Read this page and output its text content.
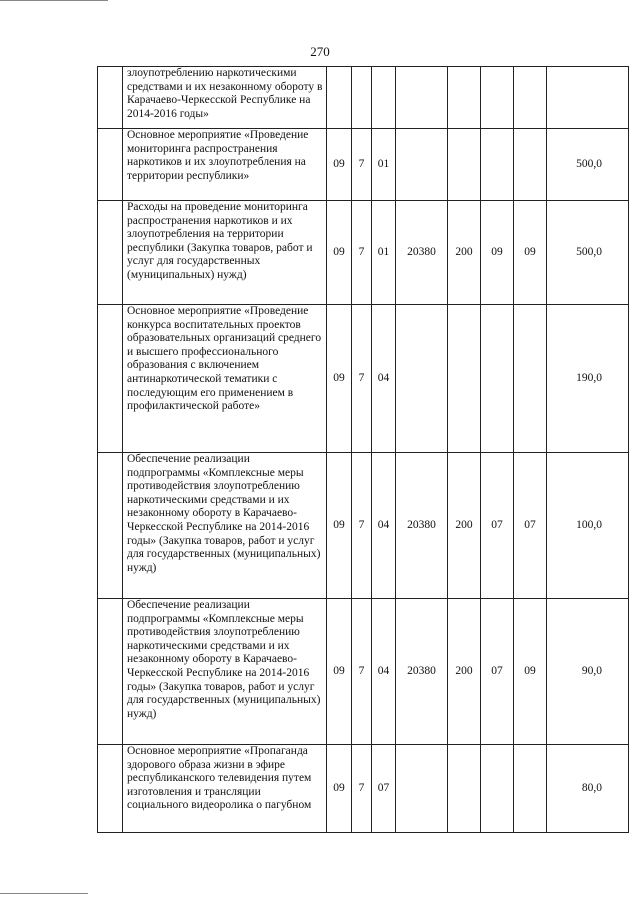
270
	злоупотреблению наркотическими средствами и их незаконному обороту в Карачаево-Черкесской Республике на 2014-2016 годы»								
	Основное мероприятие «Проведение мониторинга распространения наркотиков и их злоупотребления на территории республики»	09	7	01					500,0
	Расходы на проведение мониторинга распространения наркотиков и их злоупотребления на территории республики (Закупка товаров, работ и услуг для государственных (муниципальных) нужд)	09	7	01	20380	200	09	09	500,0
	Основное мероприятие «Проведение конкурса воспитательных проектов образовательных организаций среднего и высшего профессионального образования с включением антинаркотической тематики с последующим его применением в профилактической работе»	09	7	04					190,0
	Обеспечение реализации подпрограммы «Комплексные меры противодействия злоупотреблению наркотическими средствами и их незаконному обороту в Карачаево-Черкесской Республике на 2014-2016 годы» (Закупка товаров, работ и услуг для государственных (муниципальных) нужд)	09	7	04	20380	200	07	07	100,0
	Обеспечение реализации подпрограммы «Комплексные меры противодействия злоупотреблению наркотическими средствами и их незаконному обороту в Карачаево-Черкесской Республике на 2014-2016 годы» (Закупка товаров, работ и услуг для государственных (муниципальных) нужд)	09	7	04	20380	200	07	09	90,0
	Основное мероприятие «Пропаганда здорового образа жизни в эфире республиканского телевидения путем изготовления и трансляции социального видеоролика о пагубном	09	7	07					80,0
